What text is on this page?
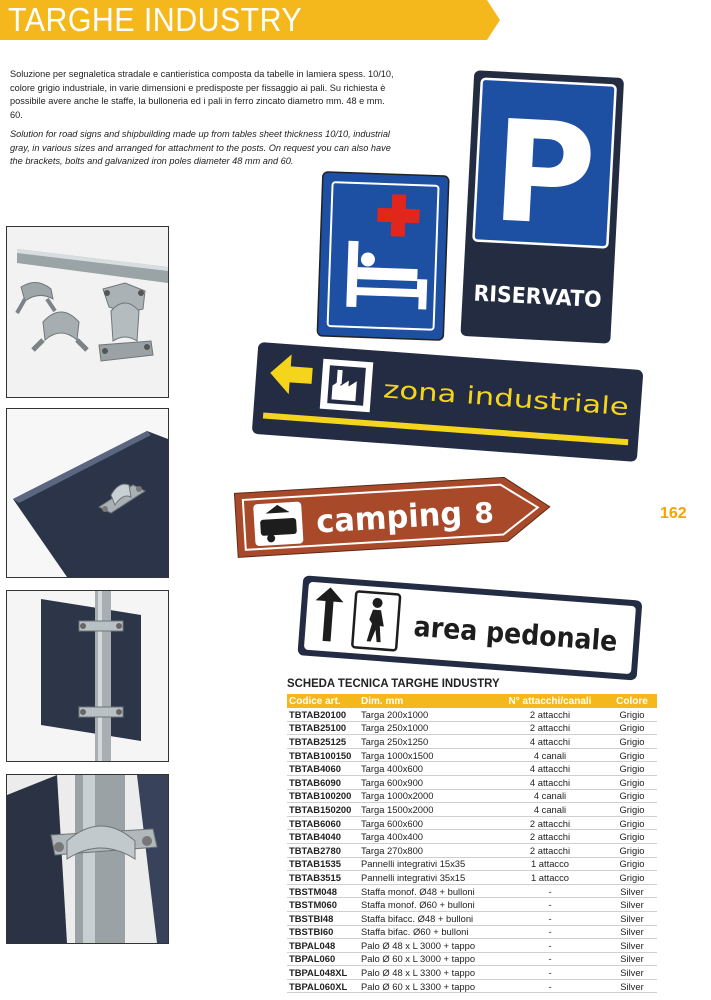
TARGHE INDUSTRY
Soluzione per segnaletica stradale e cantieristica composta da tabelle in lamiera spess. 10/10, colore grigio industriale, in varie dimensioni e predisposte per fissaggio ai pali. Su richiesta è possibile avere anche le staffe, la bulloneria ed i pali in ferro zincato diametro mm. 48 e mm. 60.
Solution for road signs and shipbuilding made up from tables sheet thickness 10/10, industrial gray, in various sizes and arranged for attachment to the posts. On request you can also have the brackets, bolts and galvanized iron poles diameter 48 mm and 60.	P
RISERVATO
zona industriale
camping 8
area pedonale
162
SCHEDA TECNICA TARGHE INDUSTRY
Codice art.	Dim. mm	N° attacchi/canali	Colore
TBTAB20100	Targa 200x1000	2 attacchi	Grigio
TBTAB25100	Targa 250x1000	2 attacchi	Grigio
TBTAB25125	Targa 250x1250	4 attacchi	Grigio
TBTAB100150	Targa 1000x1500	4 canali	Grigio
TBTAB4060	Targa 400x600	4 attacchi	Grigio
TBTAB6090	Targa 600x900	4 attacchi	Grigio
TBTAB100200	Targa 1000x2000	4 canali	Grigio
TBTAB150200	Targa 1500x2000	4 canali	Grigio
TBTAB6060	Targa 600x600	2 attacchi	Grigio
TBTAB4040	Targa 400x400	2 attacchi	Grigio
TBTAB2780	Targa 270x800	2 attacchi	Grigio
TBTAB1535	Pannelli integrativi 15x35	1 attacco	Grigio
TBTAB3515	Pannelli integrativi 35x15	1 attacco	Grigio
TBSTM048	Staffa monof. Ø48 + bulloni	-	Silver
TBSTM060	Staffa monof. Ø60 + bulloni	-	Silver
TBSTBI48	Staffa bifacc. Ø48 + bulloni	-	Silver
TBSTBI60	Staffa bifac. Ø60 + bulloni	-	Silver
TBPAL048	Palo Ø 48 x L 3000 + tappo	-	Silver
TBPAL060	Palo Ø 60 x L 3000 + tappo	-	Silver
TBPAL048XL	Palo Ø 48 x L 3300 + tappo	-	Silver
TBPAL060XL	Palo Ø 60 x L 3300 + tappo	-	Silver
